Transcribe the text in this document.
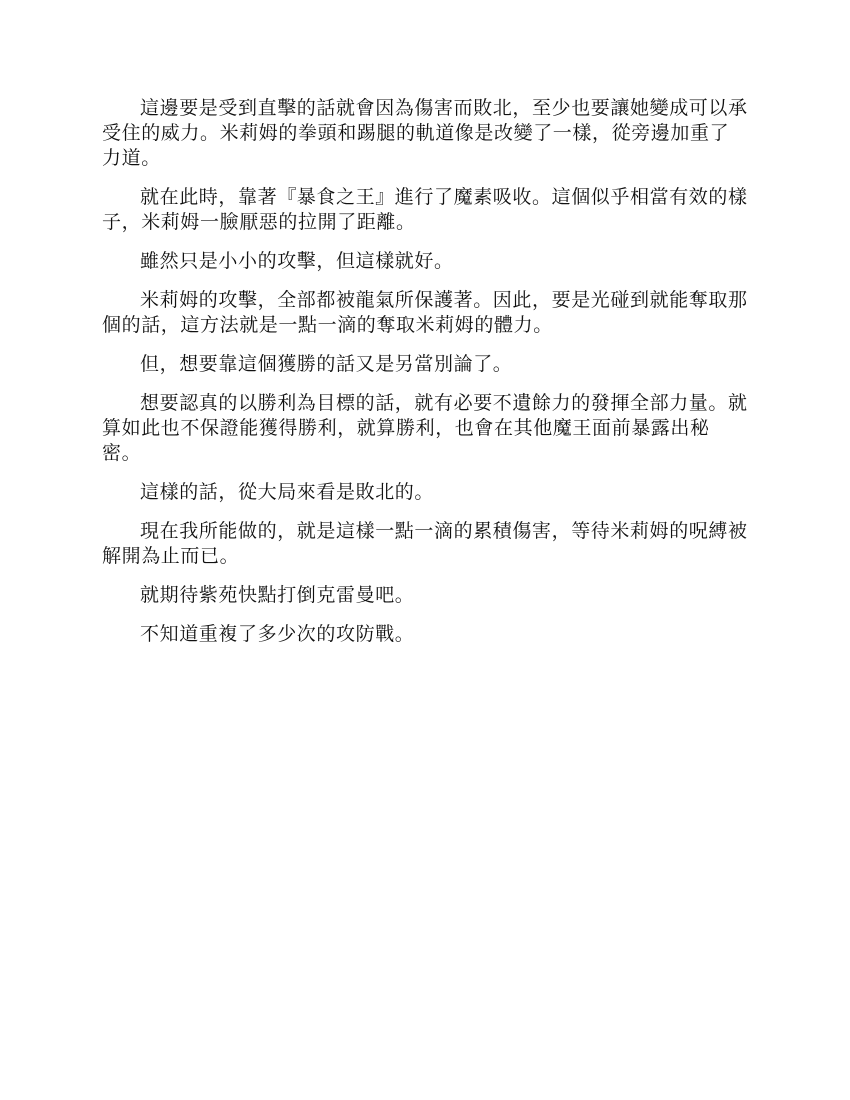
這邊要是受到直擊的話就會因為傷害而敗北，至少也要讓她變成可以承受住的威力。米莉姆的拳頭和踢腿的軌道像是改變了一樣，從旁邊加重了力道。

就在此時，靠著『暴食之王』進行了魔素吸收。這個似乎相當有效的樣子，米莉姆一臉厭惡的拉開了距離。

雖然只是小小的攻擊，但這樣就好。

米莉姆的攻擊，全部都被龍氣所保護著。因此，要是光碰到就能奪取那個的話，這方法就是一點一滴的奪取米莉姆的體力。

但，想要靠這個獲勝的話又是另當別論了。

想要認真的以勝利為目標的話，就有必要不遺餘力的發揮全部力量。就算如此也不保證能獲得勝利，就算勝利，也會在其他魔王面前暴露出秘密。

這樣的話，從大局來看是敗北的。

現在我所能做的，就是這樣一點一滴的累積傷害，等待米莉姆的呪縛被解開為止而已。

就期待紫苑快點打倒克雷曼吧。

不知道重複了多少次的攻防戰。
